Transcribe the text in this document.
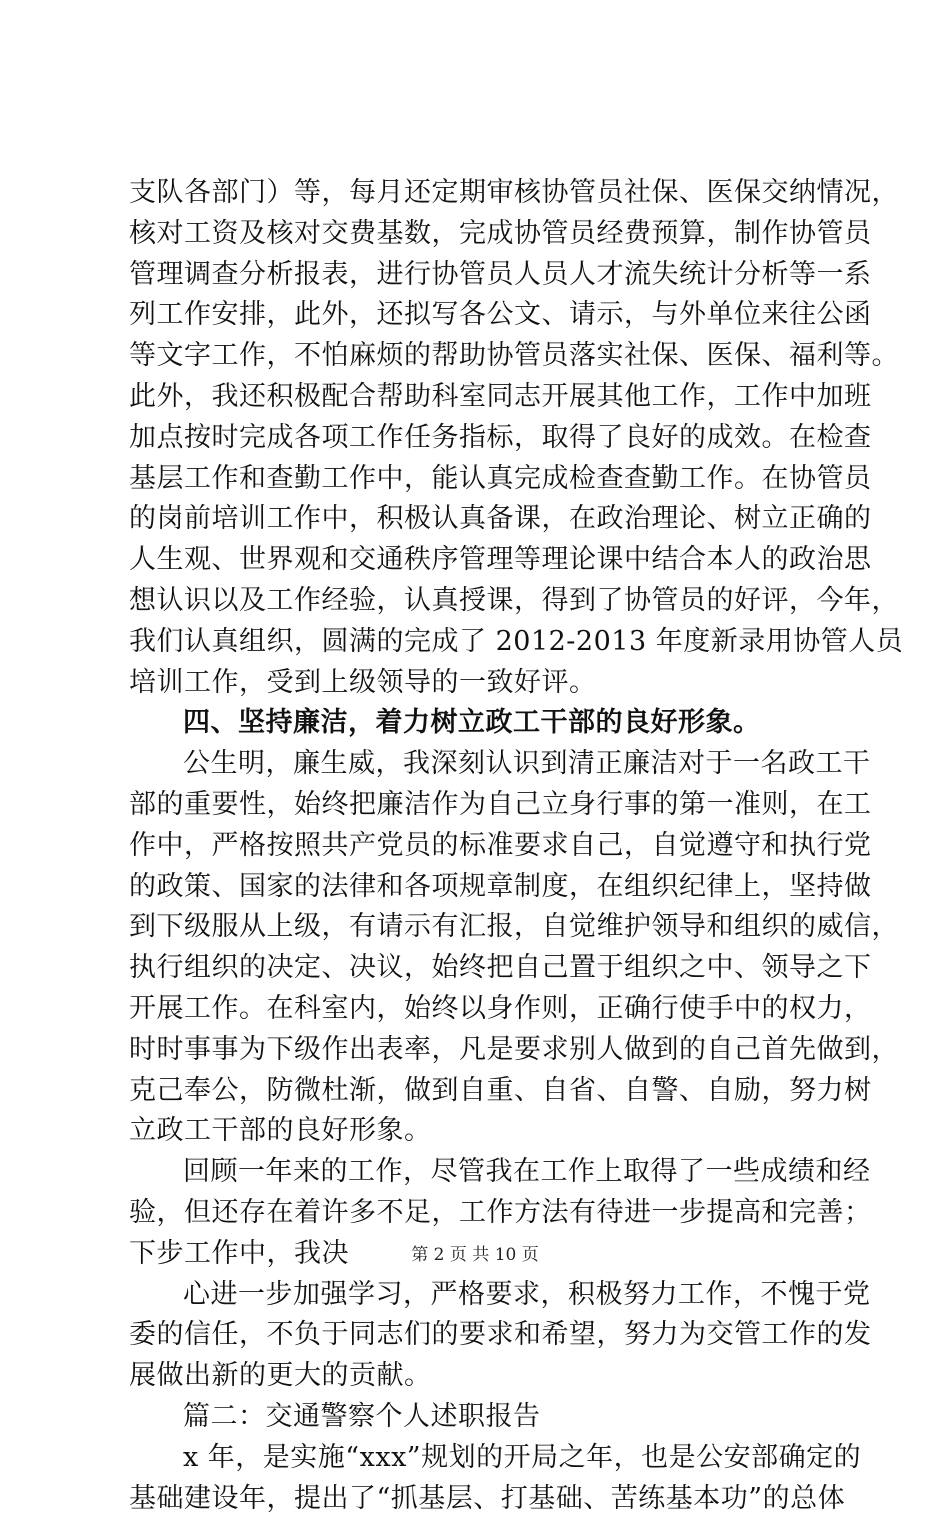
支队各部门）等，每月还定期审核协管员社保、医保交纳情况，
核对工资及核对交费基数，完成协管员经费预算，制作协管员
管理调查分析报表，进行协管员人员人才流失统计分析等一系
列工作安排，此外，还拟写各公文、请示，与外单位来往公函
等文字工作，不怕麻烦的帮助协管员落实社保、医保、福利等。
此外，我还积极配合帮助科室同志开展其他工作，工作中加班
加点按时完成各项工作任务指标，取得了良好的成效。在检查
基层工作和查勤工作中，能认真完成检查查勤工作。在协管员
的岗前培训工作中，积极认真备课，在政治理论、树立正确的
人生观、世界观和交通秩序管理等理论课中结合本人的政治思
想认识以及工作经验，认真授课，得到了协管员的好评，今年，
我们认真组织，圆满的完成了 2012-2013 年度新录用协管人员
培训工作，受到上级领导的一致好评。
四、坚持廉洁，着力树立政工干部的良好形象。
公生明，廉生威，我深刻认识到清正廉洁对于一名政工干
部的重要性，始终把廉洁作为自己立身行事的第一准则，在工
作中，严格按照共产党员的标准要求自己，自觉遵守和执行党
的政策、国家的法律和各项规章制度，在组织纪律上，坚持做
到下级服从上级，有请示有汇报，自觉维护领导和组织的威信，
执行组织的决定、决议，始终把自己置于组织之中、领导之下
开展工作。在科室内，始终以身作则，正确行使手中的权力，
时时事事为下级作出表率，凡是要求别人做到的自己首先做到，
克己奉公，防微杜渐，做到自重、自省、自警、自励，努力树
立政工干部的良好形象。
回顾一年来的工作，尽管我在工作上取得了一些成绩和经
验，但还存在着许多不足，工作方法有待进一步提高和完善；
下步工作中，我决
心进一步加强学习，严格要求，积极努力工作，不愧于党
委的信任，不负于同志们的要求和希望，努力为交管工作的发
展做出新的更大的贡献。
篇二：交通警察个人述职报告
x 年，是实施“xxx”规划的开局之年，也是公安部确定的
基础建设年，提出了“抓基层、打基础、苦练基本功”的总体
第 2 页 共 10 页
